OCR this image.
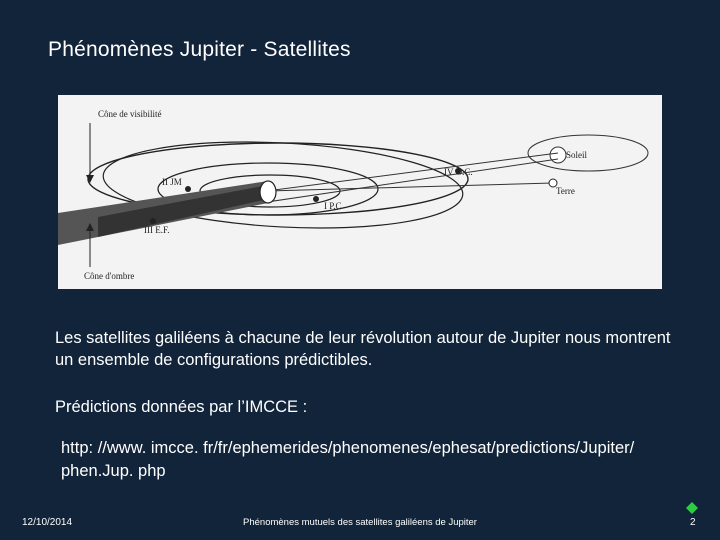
Phénomènes Jupiter - Satellites
Cône de visibilité
Cône d'ombre
Soleil
Terre
II JM
IV O.C.
I P.C
III E.F.
Les satellites galiléens à chacune de leur révolution autour de Jupiter nous montrent un ensemble de configurations prédictibles.
Prédictions données par l’IMCCE :
http: //www. imcce. fr/fr/ephemerides/phenomenes/ephesat/predictions/Jupiter/ phen.Jup. php
12/10/2014	Phénomènes mutuels des satellites galiléens de Jupiter	2
